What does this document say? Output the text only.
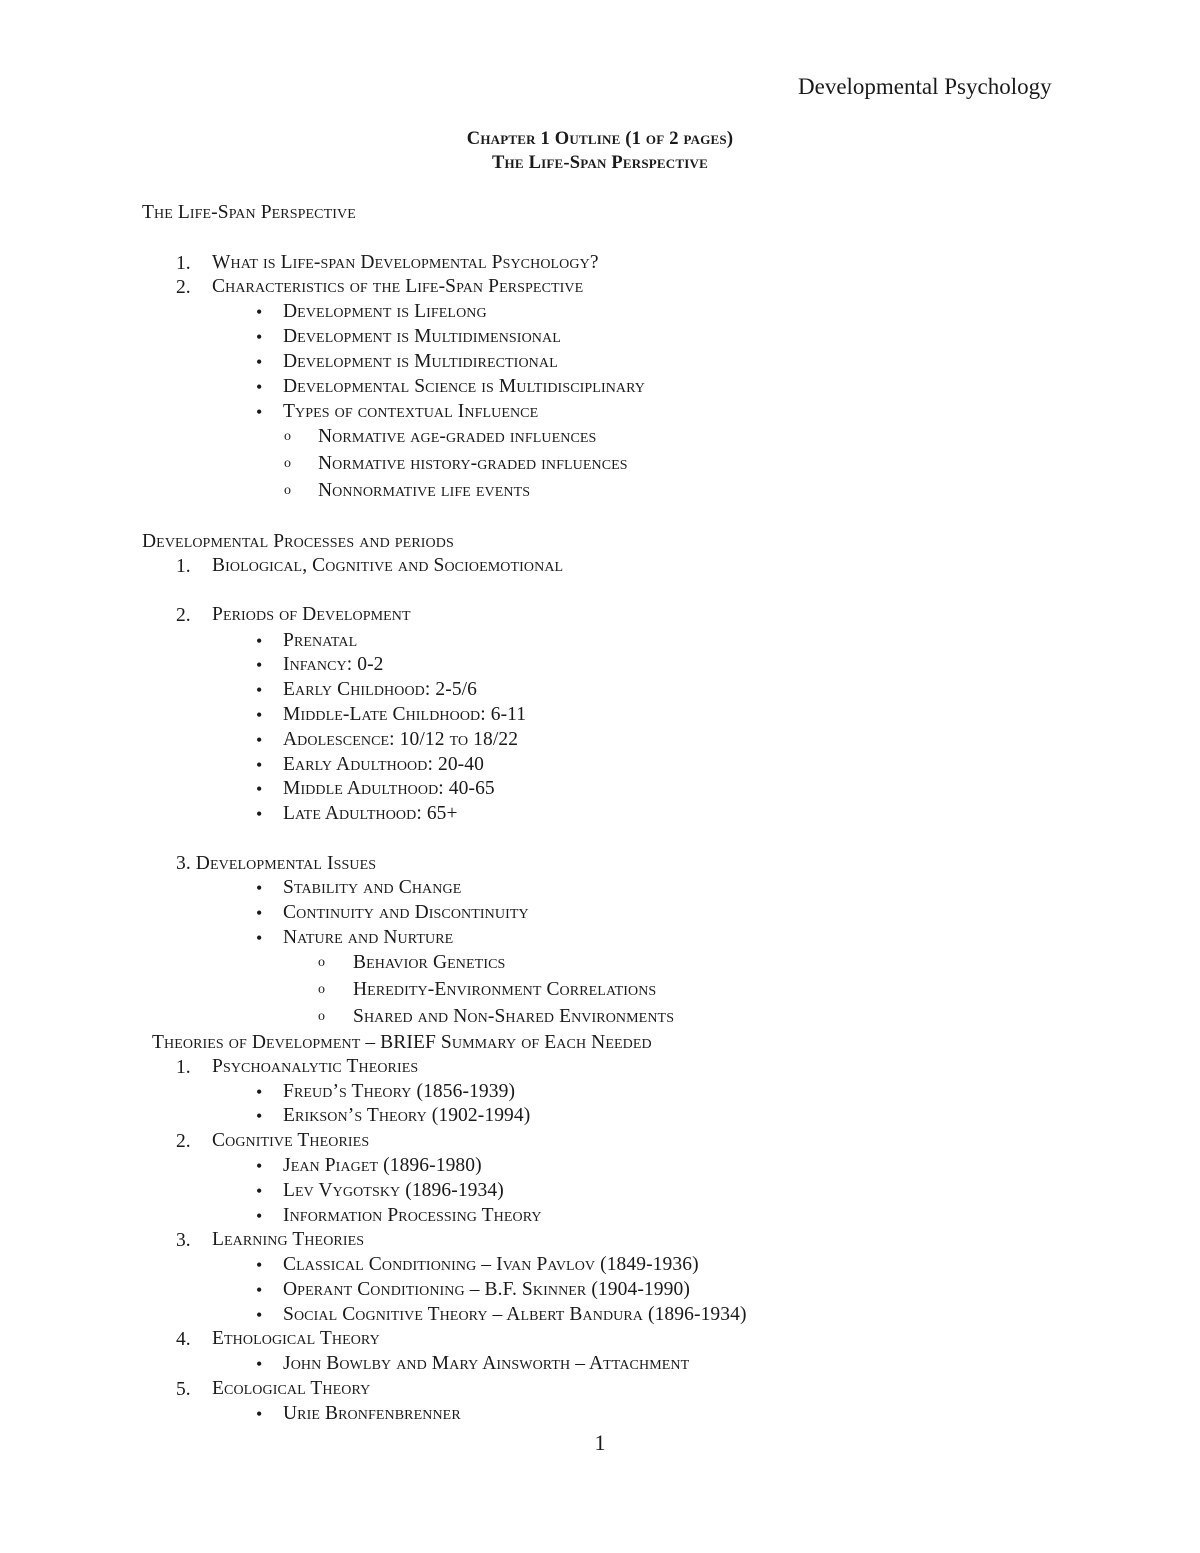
Developmental Psychology
Chapter 1 Outline (1 of 2 pages)
The Life-Span Perspective
The Life-Span Perspective
1. What is Life-span Developmental Psychology?
2. Characteristics of the Life-Span Perspective
• Development is Lifelong
• Development is Multidimensional
• Development is Multidirectional
• Developmental Science is Multidisciplinary
• Types of contextual Influence
o Normative age-graded influences
o Normative history-graded influences
o Nonnormative life events
Developmental Processes and periods
1. Biological, Cognitive and Socioemotional
2. Periods of Development
• Prenatal
• Infancy: 0-2
• Early Childhood: 2-5/6
• Middle-Late Childhood: 6-11
• Adolescence: 10/12 to 18/22
• Early Adulthood: 20-40
• Middle Adulthood: 40-65
• Late Adulthood: 65+
3. Developmental Issues
• Stability and Change
• Continuity and Discontinuity
• Nature and Nurture
o Behavior Genetics
o Heredity-Environment Correlations
o Shared and Non-Shared Environments
Theories of Development – BRIEF Summary of Each Needed
1. Psychoanalytic Theories
• Freud’s Theory (1856-1939)
• Erikson’s Theory (1902-1994)
2. Cognitive Theories
• Jean Piaget (1896-1980)
• Lev Vygotsky (1896-1934)
• Information Processing Theory
3. Learning Theories
• Classical Conditioning – Ivan Pavlov (1849-1936)
• Operant Conditioning – B.F. Skinner (1904-1990)
• Social Cognitive Theory – Albert Bandura (1896-1934)
4. Ethological Theory
• John Bowlby and Mary Ainsworth – Attachment
5. Ecological Theory
• Urie Bronfenbrenner
1
